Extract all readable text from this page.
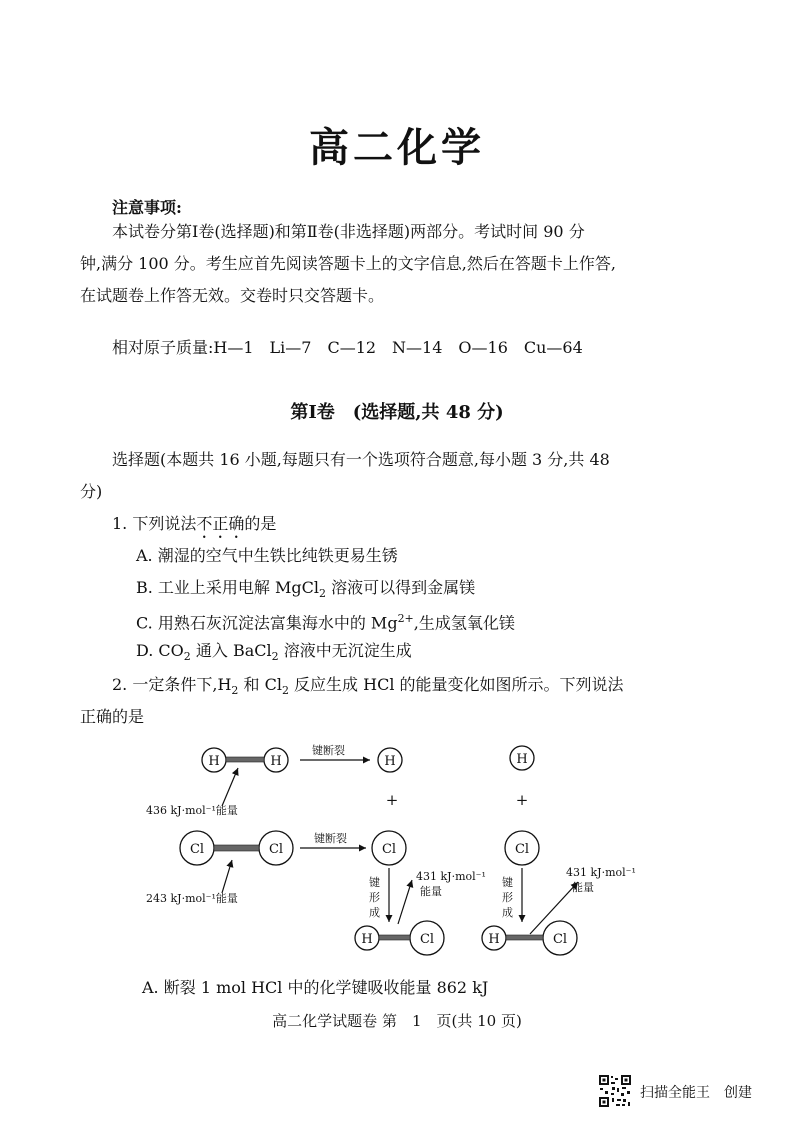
高二化学
注意事项:
本试卷分第Ⅰ卷(选择题)和第Ⅱ卷(非选择题)两部分。考试时间 90 分
钟,满分 100 分。考生应首先阅读答题卡上的文字信息,然后在答题卡上作答,
在试题卷上作答无效。交卷时只交答题卡。
相对原子质量:H—1　Li—7　C—12　N—14　O—16　Cu—64
第Ⅰ卷　(选择题,共 48 分)
选择题(本题共 16 小题,每题只有一个选项符合题意,每小题 3 分,共 48
分)
1. 下列说法不正确的是
A. 潮湿的空气中生铁比纯铁更易生锈
B. 工业上采用电解 MgCl$_2$ 溶液可以得到金属镁
C. 用熟石灰沉淀法富集海水中的 $Mg^{2+}$,生成氢氧化镁
D. $CO_2$ 通入 BaCl$_2$ 溶液中无沉淀生成
2. 一定条件下$,H_2$ 和 $Cl_2$ 反应生成 HCl 的能量变化如图所示。下列说法
正确的是
H	H	H	H
Cl	Cl	Cl	Cl
H	Cl	H	Cl
+	+
键断裂
键断裂
436 kJ·mol⁻¹能量
243 kJ·mol⁻¹能量
键
形
成
键
形
成
431 kJ·mol⁻¹
能量
431 kJ·mol⁻¹
能量
A. 断裂 1 mol HCl 中的化学键吸收能量 862 kJ
高二化学试题卷 第　1　页(共 10 页)
扫描全能王　创建
